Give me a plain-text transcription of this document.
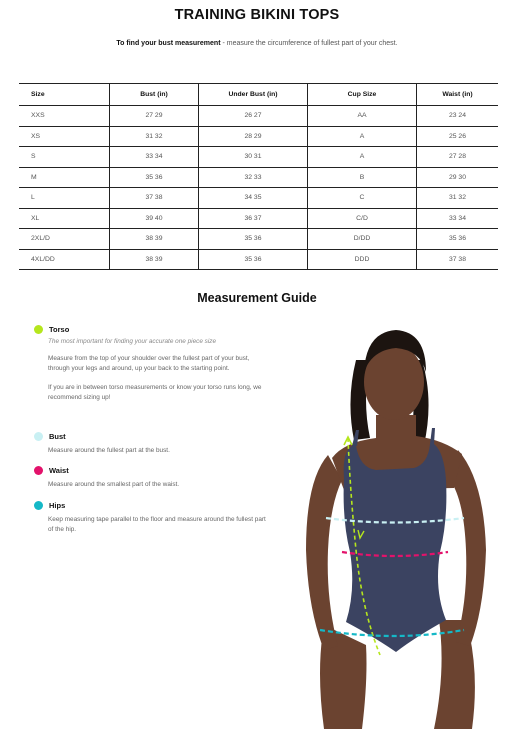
TRAINING BIKINI TOPS
To find your bust measurement - measure the circumference of fullest part of your chest.
Size	Bust (in)	Under Bust (in)	Cup Size	Waist (in)
XXS	27 29	26 27	AA	23 24
XS	31 32	28 29	A	25 26
S	33 34	30 31	A	27 28
M	35 36	32 33	B	29 30
L	37 38	34 35	C	31 32
XL	39 40	36 37	C/D	33 34
2XL/D	38 39	35 36	D/DD	35 36
4XL/DD	38 39	35 36	DDD	37 38
Measurement Guide
Torso

The most important for finding your accurate one piece size

Measure from the top of your shoulder over the fullest part of your bust, through your legs and around, up your back to the starting point.

If you are in between torso measurements or know your torso runs long, we recommend sizing up!

Bust

Measure around the fullest part at the bust.

Waist

Measure around the smallest part of the waist.

Hips

Keep measuring tape parallel to the floor and measure around the fullest part of the hip.
